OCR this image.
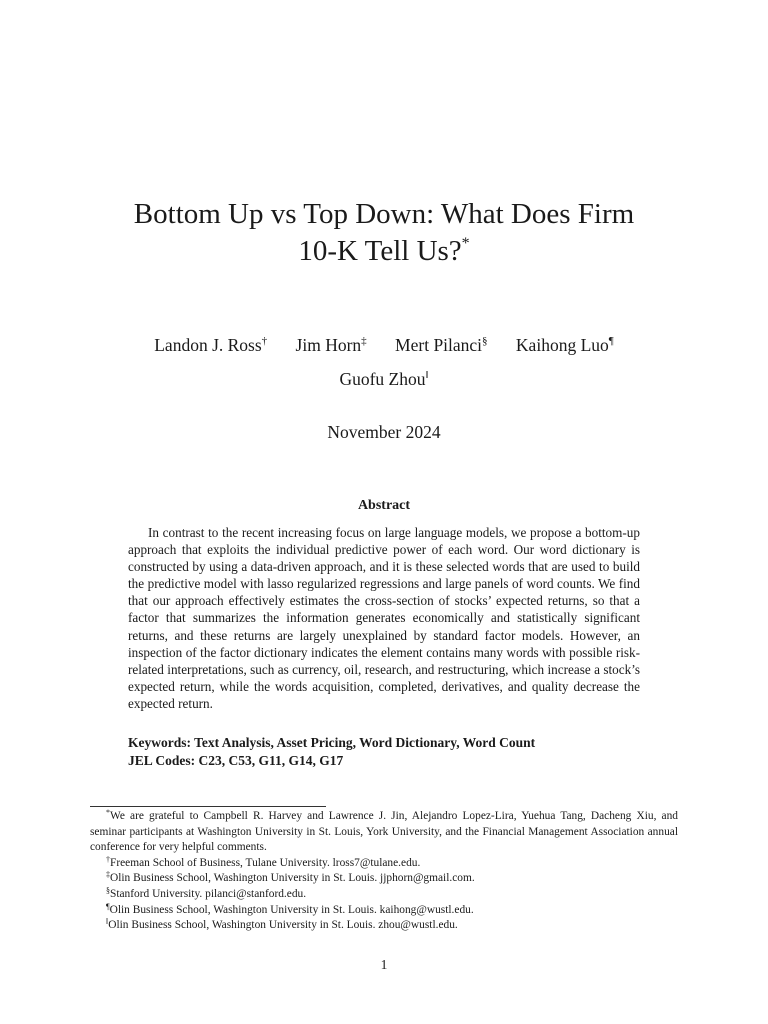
Bottom Up vs Top Down: What Does Firm
10-K Tell Us?*
Landon J. Ross† Jim Horn‡ Mert Pilanci§ Kaihong Luo¶
Guofu Zhou‖
November 2024
Abstract

In contrast to the recent increasing focus on large language models, we propose a bottom-up approach that exploits the individual predictive power of each word. Our word dictionary is constructed by using a data-driven approach, and it is these selected words that are used to build the predictive model with lasso regularized regressions and large panels of word counts. We find that our approach effectively estimates the cross-section of stocks’ expected returns, so that a factor that summarizes the information generates economically and statistically significant returns, and these returns are largely unexplained by standard factor models. However, an inspection of the factor dictionary indicates the element contains many words with possible risk-related interpretations, such as currency, oil, research, and restructuring, which increase a stock’s expected return, while the words acquisition, completed, derivatives, and quality decrease the expected return.

Keywords: Text Analysis, Asset Pricing, Word Dictionary, Word Count
JEL Codes: C23, C53, G11, G14, G17

*We are grateful to Campbell R. Harvey and Lawrence J. Jin, Alejandro Lopez-Lira, Yuehua Tang, Dacheng Xiu, and seminar participants at Washington University in St. Louis, York University, and the Financial Management Association annual conference for very helpful comments.

†Freeman School of Business, Tulane University. lross7@tulane.edu.

‡Olin Business School, Washington University in St. Louis. jjphorn@gmail.com.

§Stanford University. pilanci@stanford.edu.

¶Olin Business School, Washington University in St. Louis. kaihong@wustl.edu.

‖Olin Business School, Washington University in St. Louis. zhou@wustl.edu.

1
